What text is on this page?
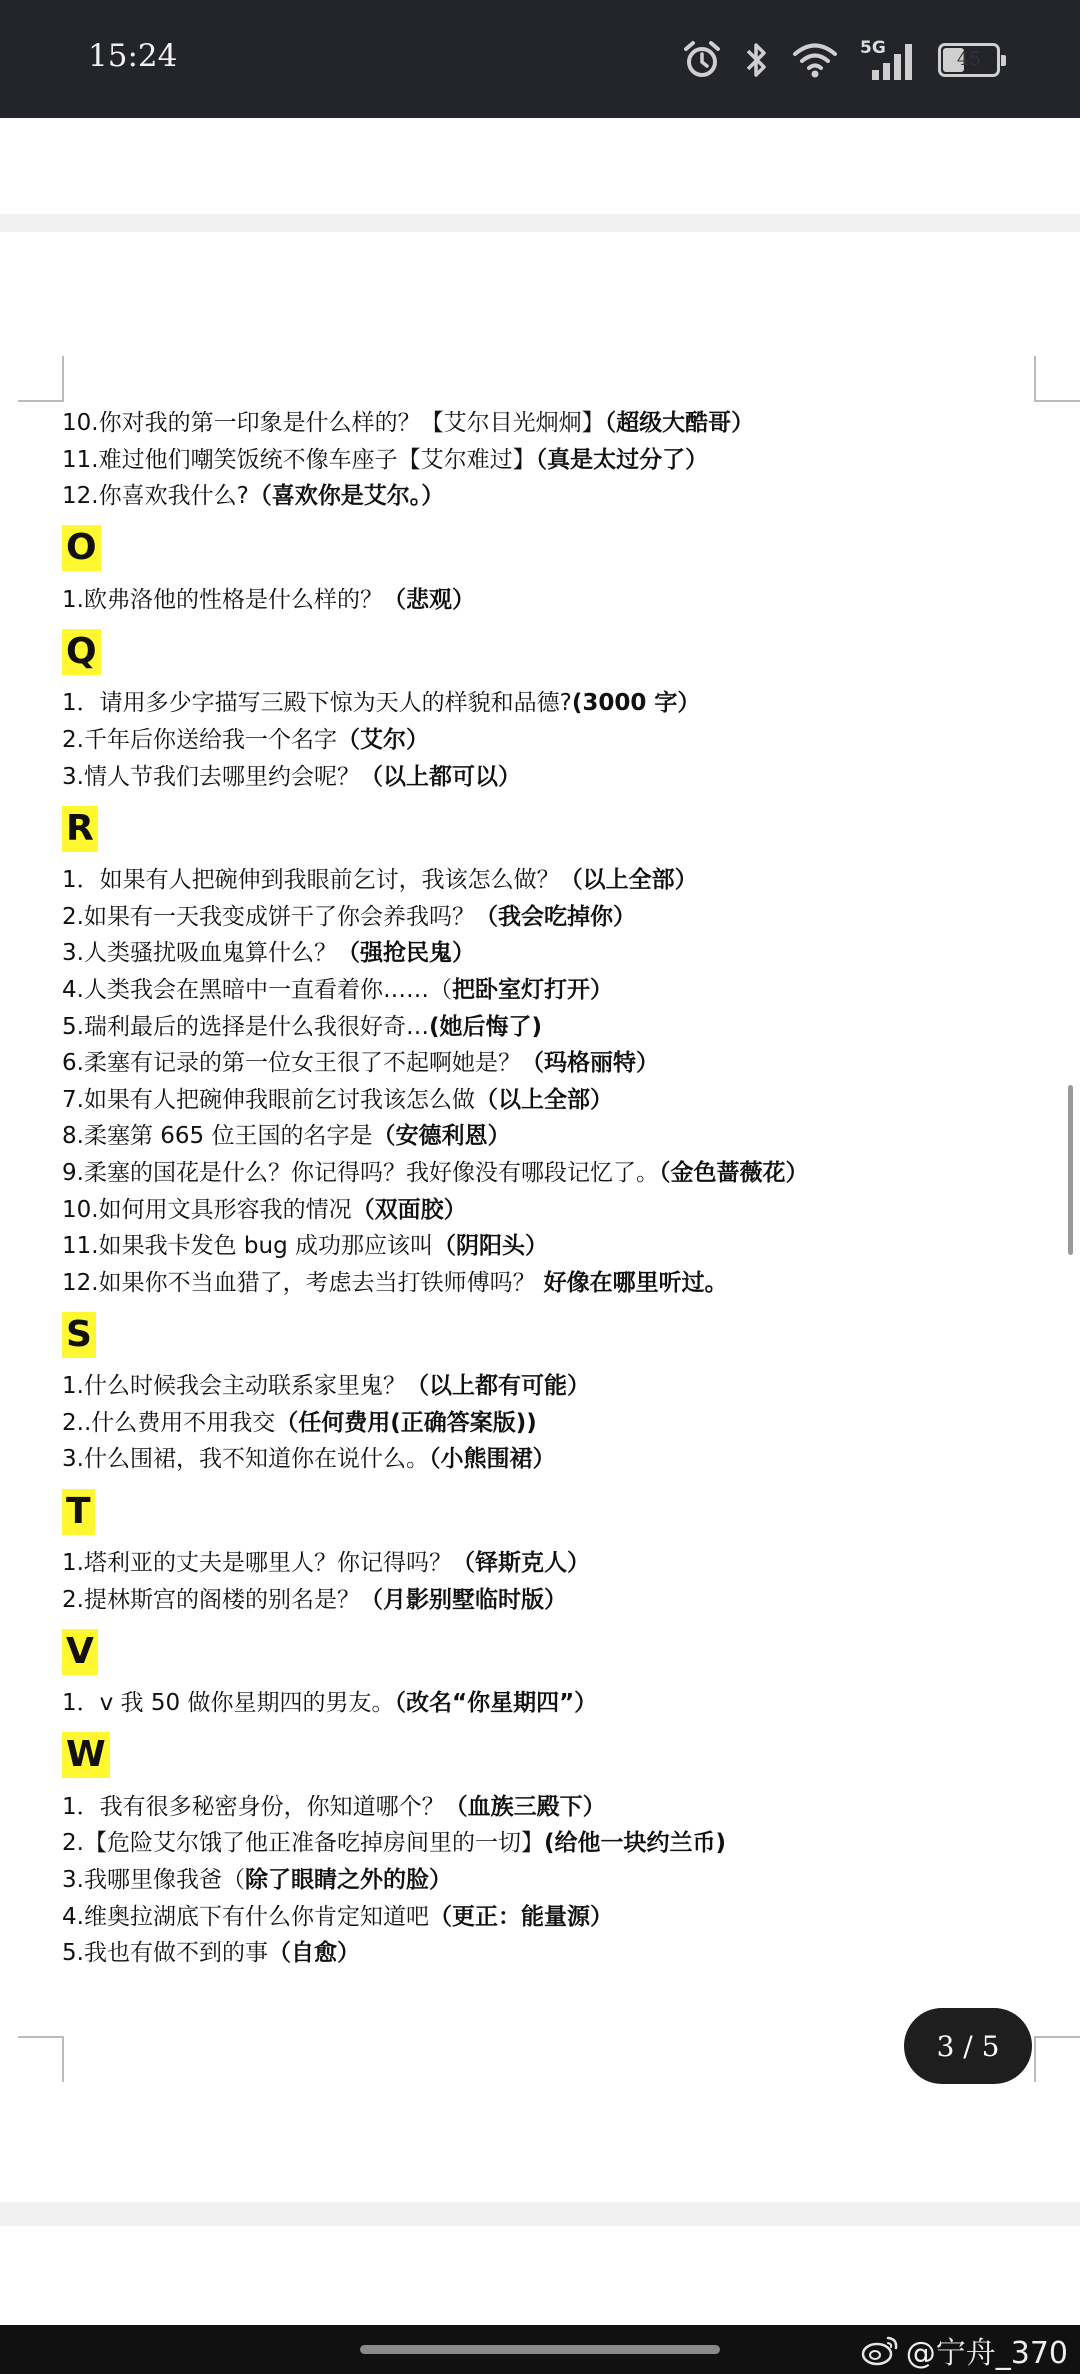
15:24	5G	45
10.你对我的第一印象是什么样的？【艾尔目光炯炯】（超级大酷哥）
11.难过他们嘲笑饭统不像车座子【艾尔难过】（真是太过分了）
12.你喜欢我什么?（喜欢你是艾尔。）
O
1.欧弗洛他的性格是什么样的？（悲观）
Q
1．请用多少字描写三殿下惊为天人的样貌和品德?(3000 字）
2.千年后你送给我一个名字（艾尔）
3.情人节我们去哪里约会呢？（以上都可以）
R
1．如果有人把碗伸到我眼前乞讨，我该怎么做？（以上全部）
2.如果有一天我变成饼干了你会养我吗？（我会吃掉你）
3.人类骚扰吸血鬼算什么？（强抢民鬼）
4.人类我会在黑暗中一直看着你……（把卧室灯打开）
5.瑞利最后的选择是什么我很好奇…(她后悔了)
6.柔塞有记录的第一位女王很了不起啊她是？（玛格丽特）
7.如果有人把碗伸我眼前乞讨我该怎么做（以上全部）
8.柔塞第 665 位王国的名字是（安德利恩）
9.柔塞的国花是什么？你记得吗？我好像没有哪段记忆了。（金色蔷薇花）
10.如何用文具形容我的情况（双面胶）
11.如果我卡发色 bug 成功那应该叫（阴阳头）
12.如果你不当血猎了，考虑去当打铁师傅吗？ 好像在哪里听过。
S
1.什么时候我会主动联系家里鬼？（以上都有可能）
2..什么费用不用我交（任何费用(正确答案版))
3.什么围裙，我不知道你在说什么。（小熊围裙）
T
1.塔利亚的丈夫是哪里人？你记得吗？（铎斯克人）
2.提林斯宫的阁楼的别名是？（月影别墅临时版）
V
1．v 我 50 做你星期四的男友。（改名“你星期四”）
W
1．我有很多秘密身份，你知道哪个？（血族三殿下）
2.【危险艾尔饿了他正准备吃掉房间里的一切】(给他一块约兰币)
3.我哪里像我爸（除了眼睛之外的脸）
4.维奥拉湖底下有什么你肯定知道吧（更正：能量源）
5.我也有做不到的事（自愈）
3 / 5
@宁舟_370
